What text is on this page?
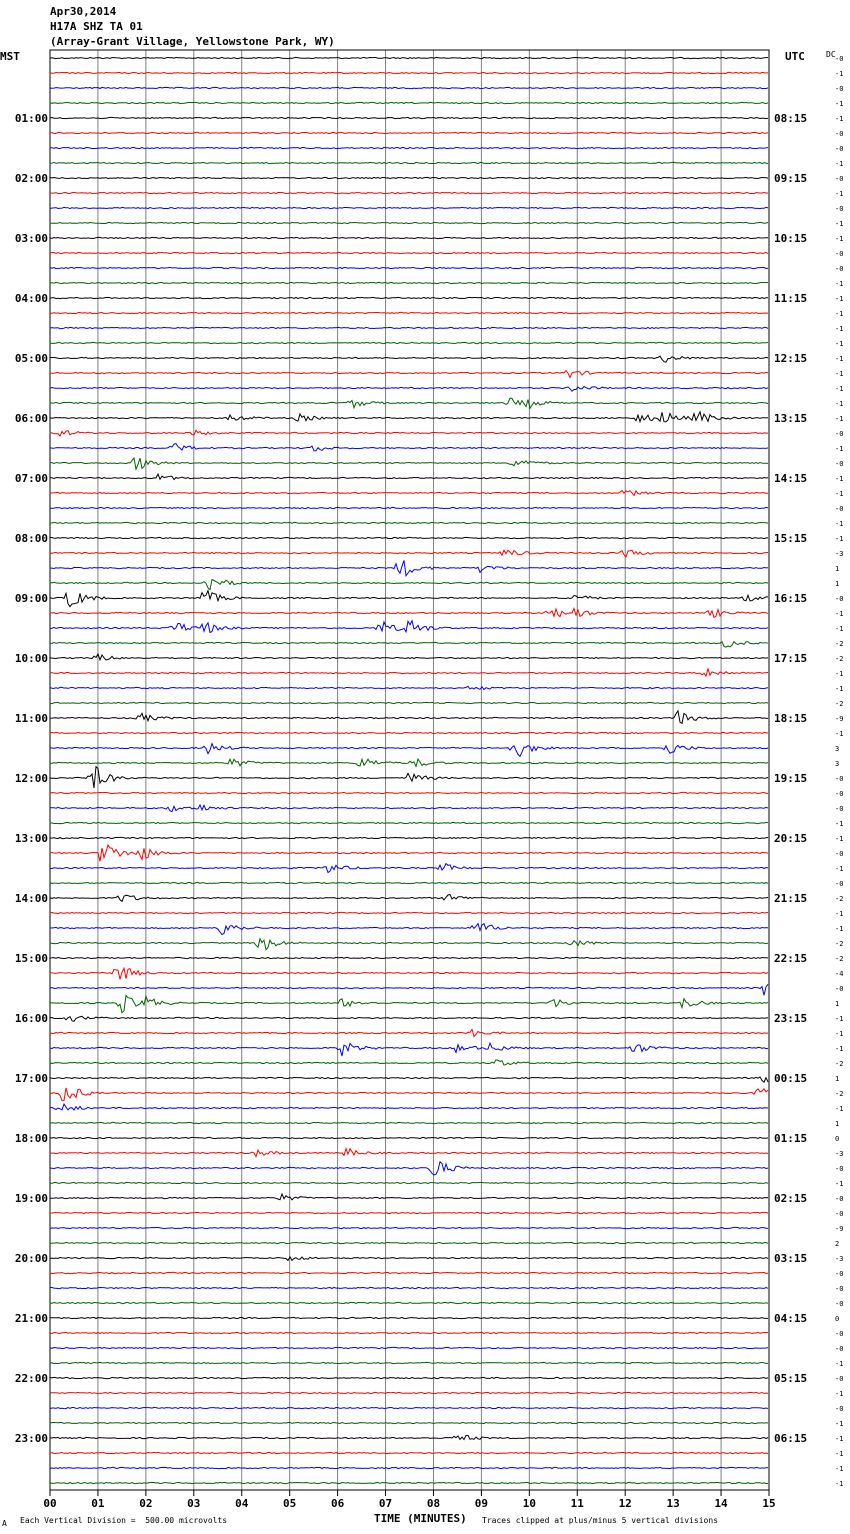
Apr30,2014
H17A SHZ TA 01
(Array-Grant Village, Yellowstone Park, WY)
MST	UTC	DC -0
-1
-0
-1
-1
-0
-0
-1
-0
-1
-0
-1
-1
-0
-0
-1
-1
-1
-1
-1
-1
-1
-1
-1
-1
-0
-1
-0
-1
-1
-0
-1
-1
-3
1
1
-0
-1
-1
-2
-2
-1
-1
-2
-9
-1
3
3
-0
-0
-0
-1
-1
-0
-1
-0
-2
-1
-1
-2
-2
-4
-0
1
-1
-1
-1
-2
1
-2
-1
1
0
-3
-0
-1
-0
-0
-9
2
-3
-0
-0
-0
0
-0
-0
-1
-0
-1
-0
-1
-1
-1
-1
-1
01:00	08:15
02:00	09:15
03:00	10:15
04:00	11:15
05:00	12:15
06:00	13:15
07:00	14:15
08:00	15:15
09:00	16:15
10:00	17:15
11:00	18:15
12:00	19:15
13:00	20:15
14:00	21:15
15:00	22:15
16:00	23:15
17:00	00:15
18:00	01:15
19:00	02:15
20:00	03:15
21:00	04:15
22:00	05:15
23:00	06:15
00	01	02	03	04	05	06	07	08	09	10	11	12	13	14	15
TIME (MINUTES)
Each Vertical Division =  500.00 microvolts	Traces clipped at plus/minus 5 vertical divisions
A
